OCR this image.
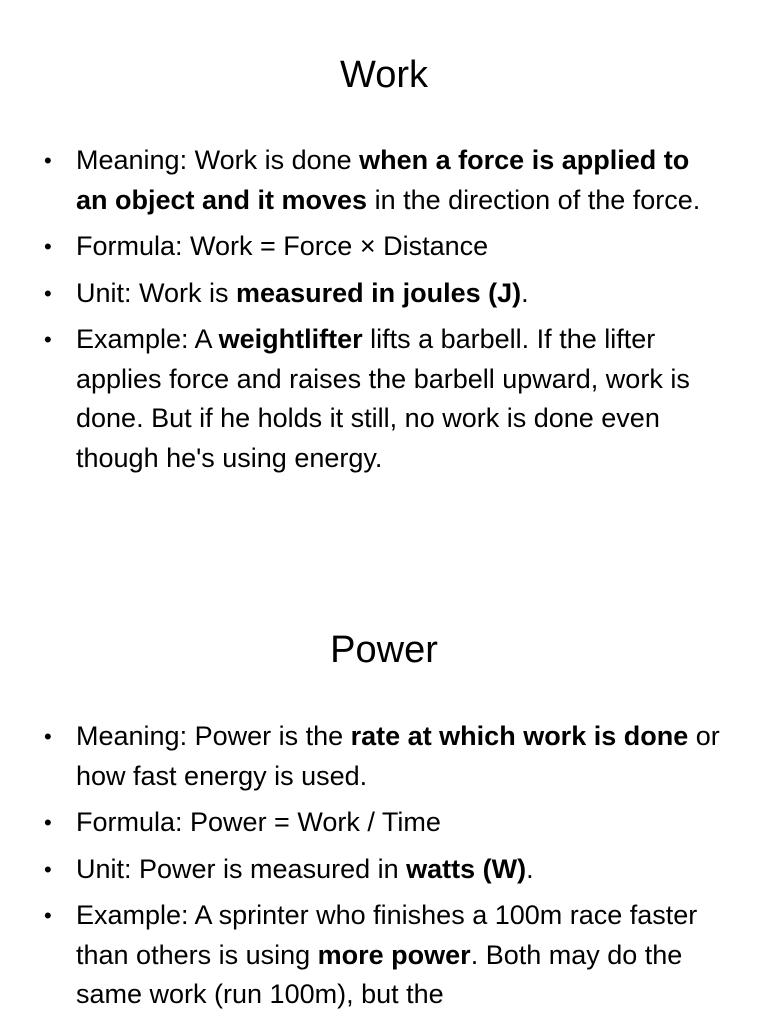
Work
• Meaning: Work is done when a force is applied to an object and it moves in the direction of the force.
• Formula: Work = Force × Distance
• Unit: Work is measured in joules (J).
• Example: A weightlifter lifts a barbell. If the lifter applies force and raises the barbell upward, work is done. But if he holds it still, no work is done even though he's using energy.
Power
• Meaning: Power is the rate at which work is done or how fast energy is used.
• Formula: Power = Work / Time
• Unit: Power is measured in watts (W).
• Example: A sprinter who finishes a 100m race faster than others is using more power. Both may do the same work (run 100m), but the
